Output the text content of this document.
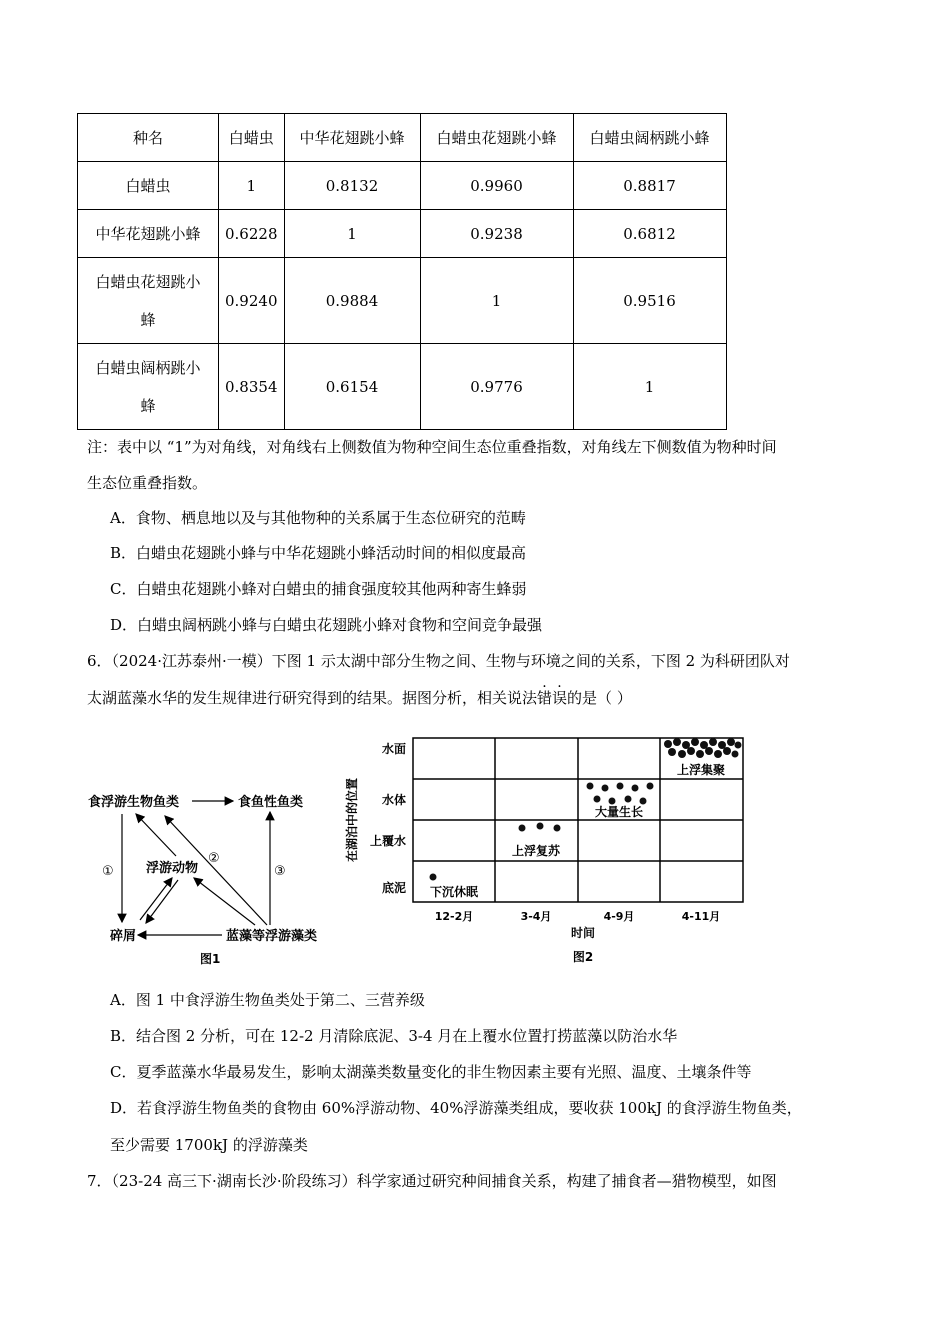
种名	白蜡虫	中华花翅跳小蜂	白蜡虫花翅跳小蜂	白蜡虫阔柄跳小蜂
白蜡虫	1	0.8132	0.9960	0.8817
中华花翅跳小蜂	0.6228	1	0.9238	0.6812

白蜡虫花翅跳小
蜂	0.9240	0.9884	1	0.9516

白蜡虫阔柄跳小
蜂	0.8354	0.6154	0.9776	1
注：表中以 “1”为对角线，对角线右上侧数值为物种空间生态位重叠指数，对角线左下侧数值为物种时间
生态位重叠指数。
A．食物、栖息地以及与其他物种的关系属于生态位研究的范畴
B．白蜡虫花翅跳小蜂与中华花翅跳小蜂活动时间的相似度最高
C．白蜡虫花翅跳小蜂对白蜡虫的捕食强度较其他两种寄生蜂弱
D．白蜡虫阔柄跳小蜂与白蜡虫花翅跳小蜂对食物和空间竞争最强
6．（2024·江苏泰州·一模）下图 1 示太湖中部分生物之间、生物与环境之间的关系，下图 2 为科研团队对
太湖蓝藻水华的发生规律进行研究得到的结果。据图分析，相关说法错误的是（ ）
食浮游生物鱼类	食鱼性鱼类
浮游动物
碎屑	蓝藻等浮游藻类
①
②
③
图1
在湖泊中的位置
水面
水体
上覆水
底泥
12-2月	3-4月	4-9月	4-11月
时间
图2
下沉休眠
上浮复苏
大量生长
上浮集聚
A．图 1 中食浮游生物鱼类处于第二、三营养级
B．结合图 2 分析，可在 12-2 月清除底泥、3-4 月在上覆水位置打捞蓝藻以防治水华
C．夏季蓝藻水华最易发生，影响太湖藻类数量变化的非生物因素主要有光照、温度、土壤条件等
D．若食浮游生物鱼类的食物由 60%浮游动物、40%浮游藻类组成，要收获 100kJ 的食浮游生物鱼类，
至少需要 1700kJ 的浮游藻类
7．（23-24 高三下·湖南长沙·阶段练习）科学家通过研究种间捕食关系，构建了捕食者—猎物模型，如图
